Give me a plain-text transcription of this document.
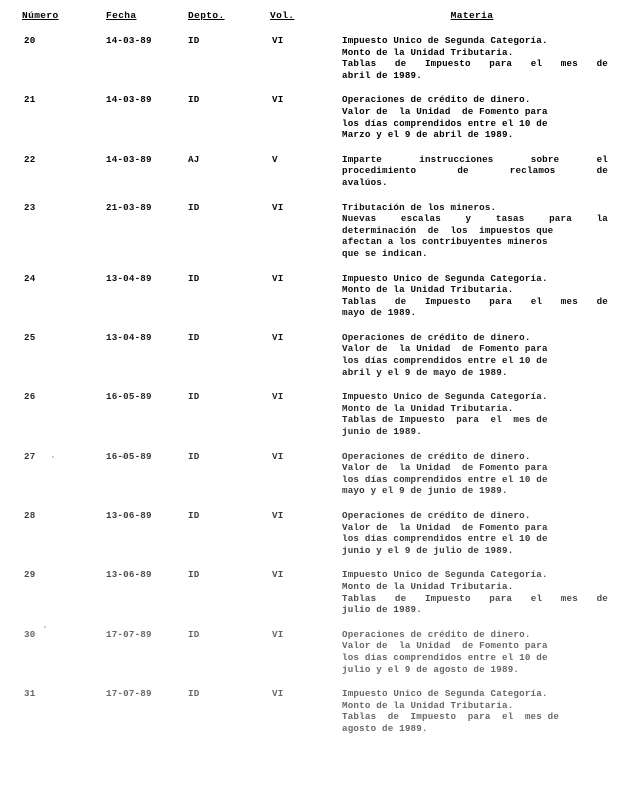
Número	Fecha	Depto.	Vol.	Materia

20	14-03-89	ID	VI	Impuesto Unico de Segunda Categoría.
Monto de la Unidad Tributaria.
Tablas de Impuesto para el mes de
abril de 1989.

21	14-03-89	ID	VI	Operaciones de crédito de dinero.
Valor de  la Unidad  de Fomento para
los días comprendidos entre el 10 de
Marzo y el 9 de abril de 1989.

22	14-03-89	AJ	V	Imparte instrucciones sobre el
procedimiento de reclamos de
avalúos.

23	21-03-89	ID	VI	Tributación de los mineros.
Nuevas escalas y tasas para la
determinación  de  los  impuestos que
afectan a los contribuyentes mineros
que se indican.

24	13-04-89	ID	VI	Impuesto Unico de Segunda Categoría.
Monto de la Unidad Tributaria.
Tablas de Impuesto para el mes de
mayo de 1989.

25	13-04-89	ID	VI	Operaciones de crédito de dinero.
Valor de  la Unidad  de Fomento para
los días comprendidos entre el 10 de
abril y el 9 de mayo de 1989.

26	16-05-89	ID	VI	Impuesto Unico de Segunda Categoría.
Monto de la Unidad Tributaria.
Tablas de Impuesto  para  el  mes de
junio de 1989.

27	16-05-89	ID	VI	Operaciones de crédito de dinero.
Valor de  la Unidad  de Fomento para
los días comprendidos entre el 10 de
mayo y el 9 de junio de 1989.

28	13-06-89	ID	VI	Operaciones de crédito de dinero.
Valor de  la Unidad  de Fomento para
los días comprendidos entre el 10 de
junio y el 9 de julio de 1989.

29	13-06-89	ID	VI	Impuesto Unico de Segunda Categoría.
Monto de la Unidad Tributaria.
Tablas de Impuesto para el mes de
julio de 1989.

30	17-07-89	ID	VI	Operaciones de crédito de dinero.
Valor de  la Unidad  de Fomento para
los días comprendidos entre el 10 de
julio y el 9 de agosto de 1989.

31	17-07-89	ID	VI	Impuesto Unico de Segunda Categoría.
Monto de la Unidad Tributaria.
Tablas  de  Impuesto  para  el  mes de
agosto de 1989.
